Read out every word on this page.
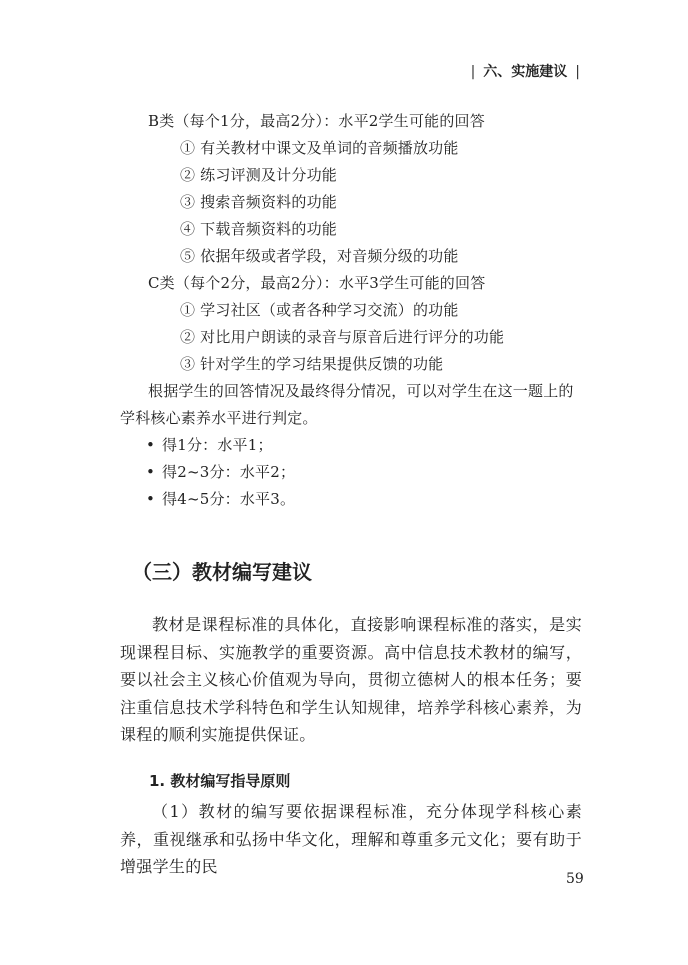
| 六、实施建议 |
B类（每个1分，最高2分）：水平2学生可能的回答
① 有关教材中课文及单词的音频播放功能
② 练习评测及计分功能
③ 搜索音频资料的功能
④ 下载音频资料的功能
⑤ 依据年级或者学段，对音频分级的功能
C类（每个2分，最高2分）：水平3学生可能的回答
① 学习社区（或者各种学习交流）的功能
② 对比用户朗读的录音与原音后进行评分的功能
③ 针对学生的学习结果提供反馈的功能
根据学生的回答情况及最终得分情况，可以对学生在这一题上的
学科核心素养水平进行判定。
• 得1分：水平1；
• 得2~3分：水平2；
• 得4~5分：水平3。
（三）教材编写建议
教材是课程标准的具体化，直接影响课程标准的落实，是实现课程目标、实施教学的重要资源。高中信息技术教材的编写，要以社会主义核心价值观为导向，贯彻立德树人的根本任务；要注重信息技术学科特色和学生认知规律，培养学科核心素养，为课程的顺利实施提供保证。
1. 教材编写指导原则
（1）教材的编写要依据课程标准，充分体现学科核心素养，重视继承和弘扬中华文化，理解和尊重多元文化；要有助于增强学生的民
59
